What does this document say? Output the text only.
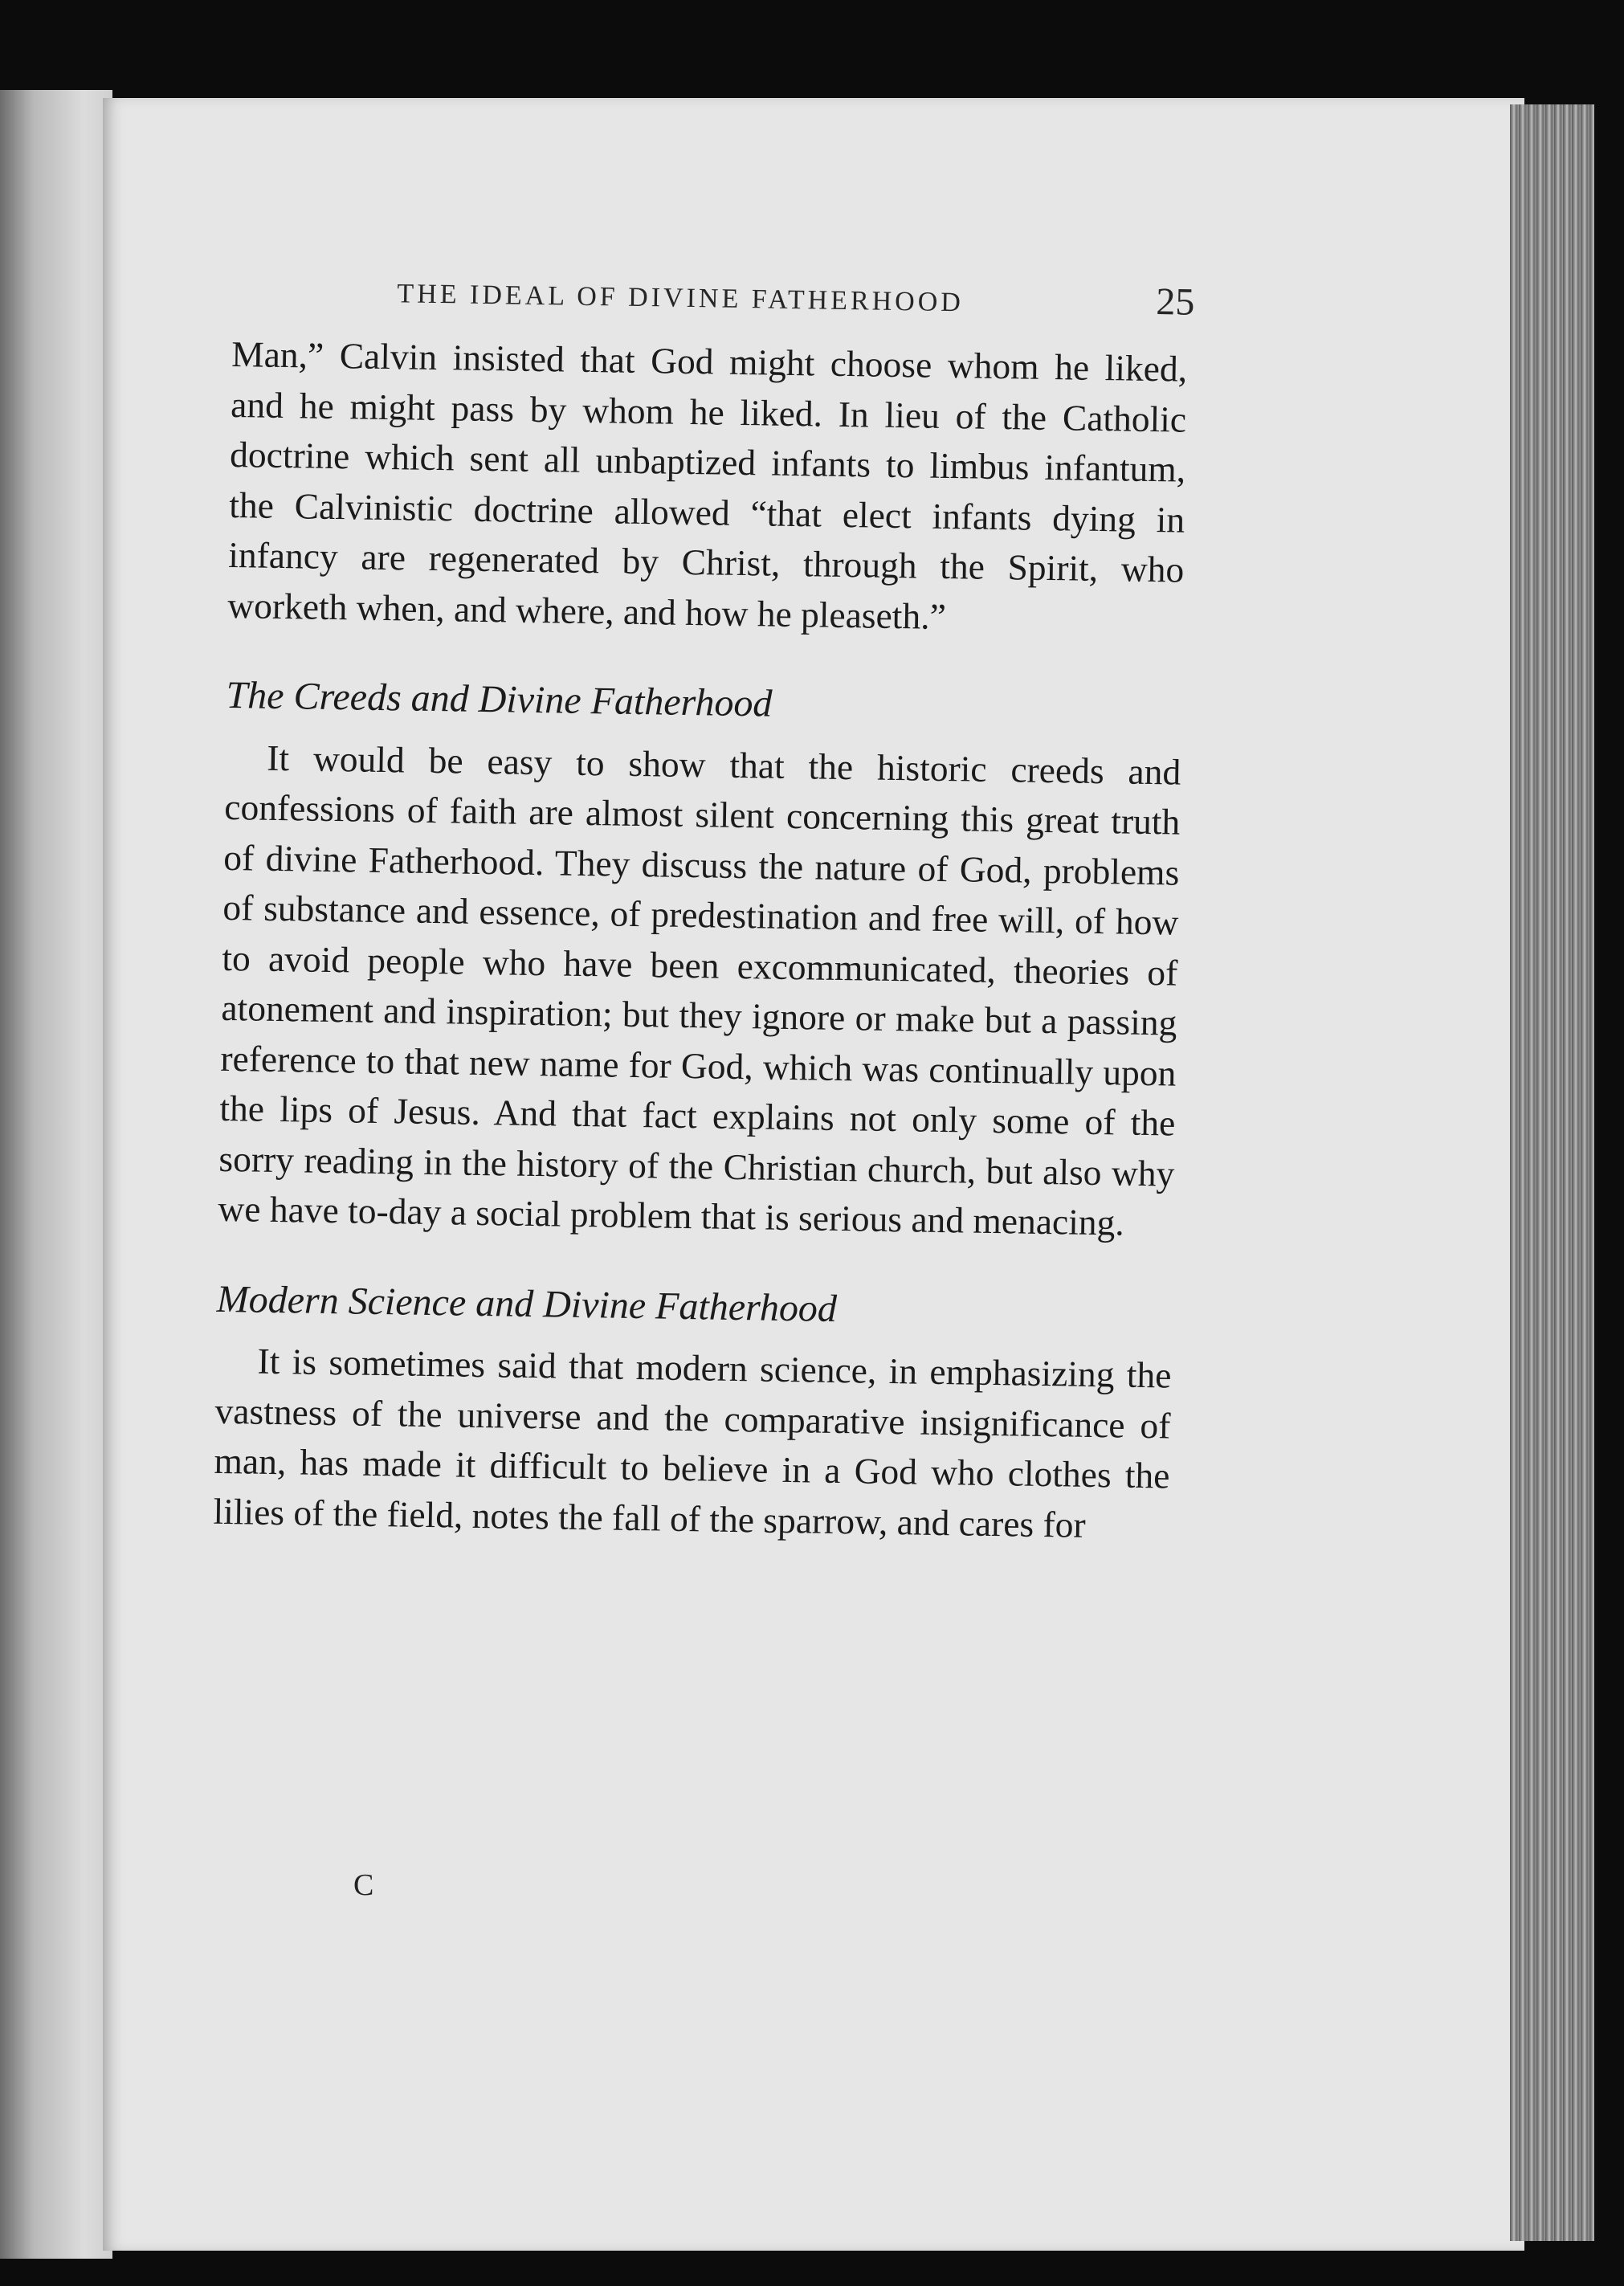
THE IDEAL OF DIVINE FATHERHOOD	25

Man,” Calvin insisted that God might choose whom he liked, and he might pass by whom he liked. In lieu of the Catholic doctrine which sent all unbaptized infants to limbus infantum, the Calvinistic doctrine allowed “that elect infants dying in infancy are regenerated by Christ, through the Spirit, who worketh when, and where, and how he pleaseth.”

The Creeds and Divine Fatherhood

It would be easy to show that the historic creeds and confessions of faith are almost silent concerning this great truth of divine Fatherhood. They discuss the nature of God, problems of substance and essence, of predestination and free will, of how to avoid people who have been excommunicated, theories of atonement and inspiration; but they ignore or make but a passing reference to that new name for God, which was continually upon the lips of Jesus. And that fact explains not only some of the sorry reading in the history of the Christian church, but also why we have to-day a social problem that is serious and menacing.

Modern Science and Divine Fatherhood

It is sometimes said that modern science, in emphasizing the vastness of the universe and the comparative insignificance of man, has made it difficult to believe in a God who clothes the lilies of the field, notes the fall of the sparrow, and cares for

C
